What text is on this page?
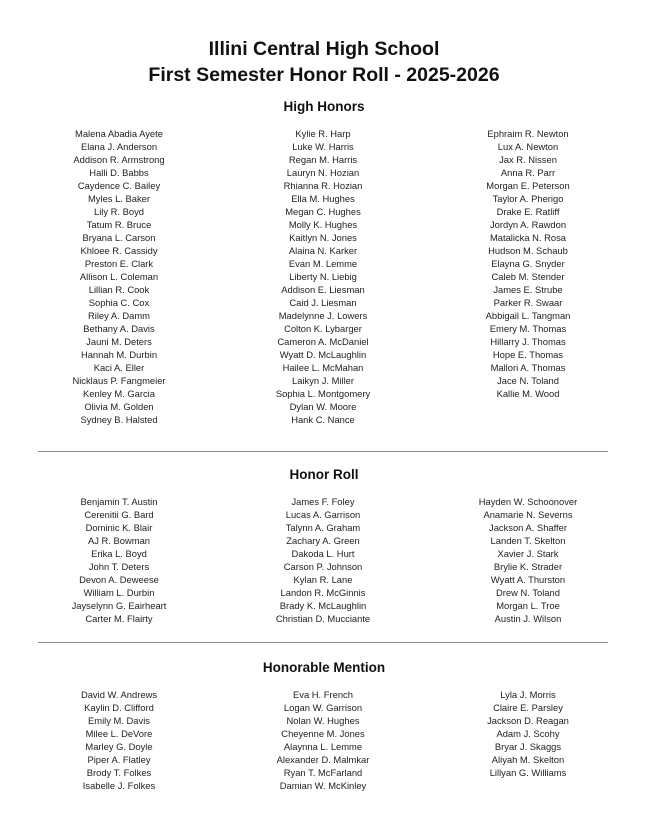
Illini Central High School
First Semester Honor Roll - 2025-2026
High Honors
Malena Abadia Ayete
Elana J. Anderson
Addison R. Armstrong
Halli D. Babbs
Caydence C. Bailey
Myles L. Baker
Lily R. Boyd
Tatum R. Bruce
Bryana L. Carson
Khloee R. Cassidy
Preston E. Clark
Allison L. Coleman
Lillian R. Cook
Sophia C. Cox
Riley A. Damm
Bethany A. Davis
Jauni M. Deters
Hannah M. Durbin
Kaci A. Eller
Nicklaus P. Fangmeier
Kenley M. Garcia
Olivia M. Golden
Sydney B. Halsted
Kylie R. Harp
Luke W. Harris
Regan M. Harris
Lauryn N. Hozian
Rhianna R. Hozian
Ella M. Hughes
Megan C. Hughes
Molly K. Hughes
Kaitlyn N. Jones
Alaina N. Karker
Evan M. Lemme
Liberty N. Liebig
Addison E. Liesman
Caid J. Liesman
Madelynne J. Lowers
Colton K. Lybarger
Cameron A. McDaniel
Wyatt D. McLaughlin
Hailee L. McMahan
Laikyn J. Miller
Sophia L. Montgomery
Dylan W. Moore
Hank C. Nance
Ephraim R. Newton
Lux A. Newton
Jax R. Nissen
Anna R. Parr
Morgan E. Peterson
Taylor A. Pherigo
Drake E. Ratliff
Jordyn A. Rawdon
Matalicka N. Rosa
Hudson M. Schaub
Elayna G. Snyder
Caleb M. Stender
James E. Strube
Parker R. Swaar
Abbigail L. Tangman
Emery M. Thomas
Hillarry J. Thomas
Hope E. Thomas
Mallori A. Thomas
Jace N. Toland
Kallie M. Wood
Honor Roll
Benjamin T. Austin
Cerenitii G. Bard
Dominic K. Blair
AJ R. Bowman
Erika L. Boyd
John T. Deters
Devon A. Deweese
William L. Durbin
Jayselynn G. Eairheart
Carter M. Flairty
James F. Foley
Lucas A. Garrison
Talynn A. Graham
Zachary A. Green
Dakoda L. Hurt
Carson P. Johnson
Kylan R. Lane
Landon R. McGinnis
Brady K. McLaughlin
Christian D. Mucciante
Hayden W. Schoonover
Anamarie N. Severns
Jackson A. Shaffer
Landen T. Skelton
Xavier J. Stark
Brylie K. Strader
Wyatt A. Thurston
Drew N. Toland
Morgan L. Troe
Austin J. Wilson
Honorable Mention
David W. Andrews
Kaylin D. Clifford
Emily M. Davis
Milee L. DeVore
Marley G. Doyle
Piper A. Flatley
Brody T. Folkes
Isabelle J. Folkes
Eva H. French
Logan W. Garrison
Nolan W. Hughes
Cheyenne M. Jones
Alaynna L. Lemme
Alexander D. Malmkar
Ryan T. McFarland
Damian W. McKinley
Lyla J. Morris
Claire E. Parsley
Jackson D. Reagan
Adam J. Scohy
Bryar J. Skaggs
Aliyah M. Skelton
Lillyan G. Williams
